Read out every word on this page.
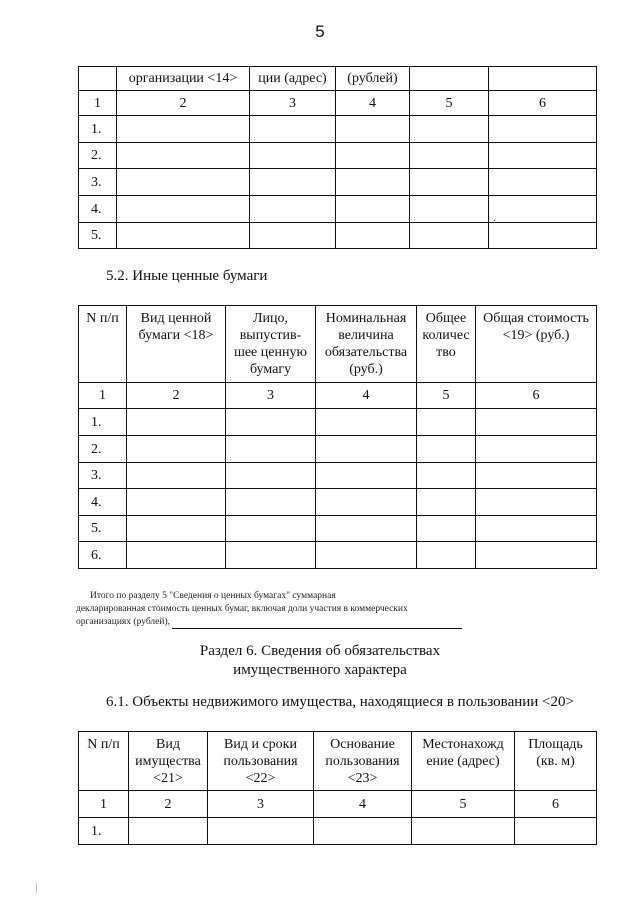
5
	организации <14>	ции (адрес)	(рублей)		
1	2	3	4	5	6
1.					
2.					
3.					
4.					
5.					
.
5.2. Иные ценные бумаги
N п/п	Вид ценной бумаги <18>	Лицо, выпустив- шее ценную бумагу	Номинальная величина обязательства (руб.)	Общее количес тво	Общая стоимость <19> (руб.)
1	2	3	4	5	6
1.					
2.					
3.					
4.					
5.					
6.					
Итого по разделу 5 "Сведения о ценных бумагах" суммарная
декларированная стоимость ценных бумаг, включая доли участия в коммерческих
организациях (рублей),
Раздел 6. Сведения об обязательствах
имущественного характера
6.1. Объекты недвижимого имущества, находящиеся в пользовании <20>
N п/п	Вид имущества <21>	Вид и сроки пользования <22>	Основание пользования <23>	Местонахожд ение (адрес)	Площадь (кв. м)
1	2	3	4	5	6
1.					
